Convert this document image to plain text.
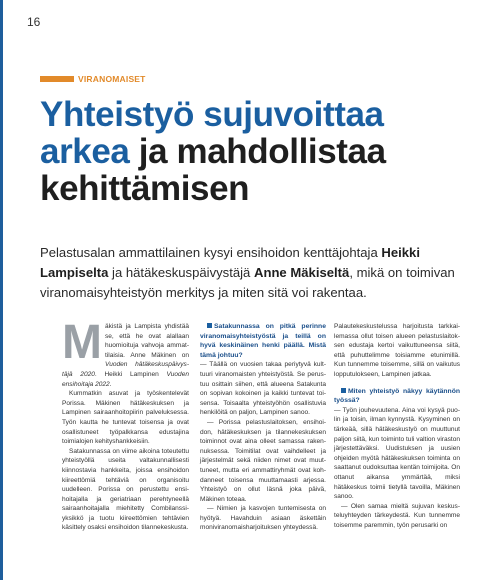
16
VIRANOMAISET
Yhteistyö sujuvoittaa
arkea ja mahdollistaa
kehittämisen

Pelastusalan ammattilainen kysyi ensihoidon kenttäjohtaja Heikki Lampiselta ja hätäkeskuspäivystäjä Anne Mäkiseltä, mikä on toimivan viranomaisyhteistyön merkitys ja miten sitä voi rakentaa.

Mäkistä ja Lampista yhdistää se, että he ovat alallaan huomioituja vahvoja ammattilaisia. Anne Mäkinen on Vuoden hätäkeskuspäivystäjä 2020. Heikki Lampinen Vuoden ensihoitaja 2022.

Kummatkin asuvat ja työskentelevät Porissa. Mäkinen hätäkeskuksen ja Lampinen sairaanhoitopiirin palveluksessa. Työn kautta he tuntevat toisensa ja ovat osallistuneet työpalkkansa edustajina toimialojen kehityshankkeisiin.

Satakunnassa on viime aikoina toteutettu yhteistyöllä useita valtakunnallisesti kiinnostavia hankkeita, joissa ensihoidon kiireettömiä tehtäviä on organisoitu uudelleen. Porissa on perustettu ensihoitajalla ja geriatriaan perehtyneellä sairaanhoitajalla miehitetty Combilanssiyksikkö ja tuotu kiireettömien tehtävien käsittely osaksi ensihoidon tilannekeskusta.

Satakunnassa on pitkä perinne viranomaisyhteistyöstä ja teillä on hyvä keskinäinen henki päällä. Mistä tämä johtuu?

— Täällä on vuosien takaa periytyvä kulttuuri viranomaisten yhteistyöstä. Se perustuu osittain siihen, että alueena Satakunta on sopivan kokoinen ja kaikki tuntevat toisensa. Toisaalta yhteistyöhön osallistuvia henkilöitä on paljon, Lampinen sanoo.

— Porissa pelastuslaitoksen, ensihoidon, hätäkeskuksen ja tilannekeskuksen toiminnot ovat aina olleet samassa rakennuksessa. Toimitilat ovat vaihdelleet ja järjestelmät sekä niiden nimet ovat muuttuneet, mutta eri ammattiryhmät ovat kohdanneet toisensa muuttamaasti arjessa. Yhteistyö on ollut läsnä joka päivä, Mäkinen toteaa.

— Nimien ja kasvojen tuntemisesta on hyötyä. Havahduin asiaan äskettäin moniviranomaisharjoituksen yhteydessä.

Palautekeskustelussa harjoitusta tarkkailemassa ollut toisen alueen pelastuslaitoksen edustaja kertoi vaikuttuneensa siitä, että puhuttelimme toisiamme etunimillä. Kun tunnemme toisemme, sillä on vaikutus lopputulokseen, Lampinen jatkaa.

Miten yhteistyö näkyy käytännön työssä?

— Työn jouhevuutena. Aina voi kysyä puolin ja toisin, ilman kynnystä. Kysyminen on tärkeää, sillä hätäkeskustyö on muuttunut paljon siitä, kun toiminto tuli valtion viraston järjestettäväksi. Uudistuksen ja uusien ohjeiden myötä hätäkeskuksen toiminta on saattanut oudoksuttaa kentän toimijoita. On ottanut aikansa ymmärtää, miksi hätäkeskus toimii tietyllä tavoilla, Mäkinen sanoo.

— Olen samaa mieltä sujuvan keskusteluyhteyden tärkeydestä. Kun tunnemme toisemme paremmin, työn perusarki on
